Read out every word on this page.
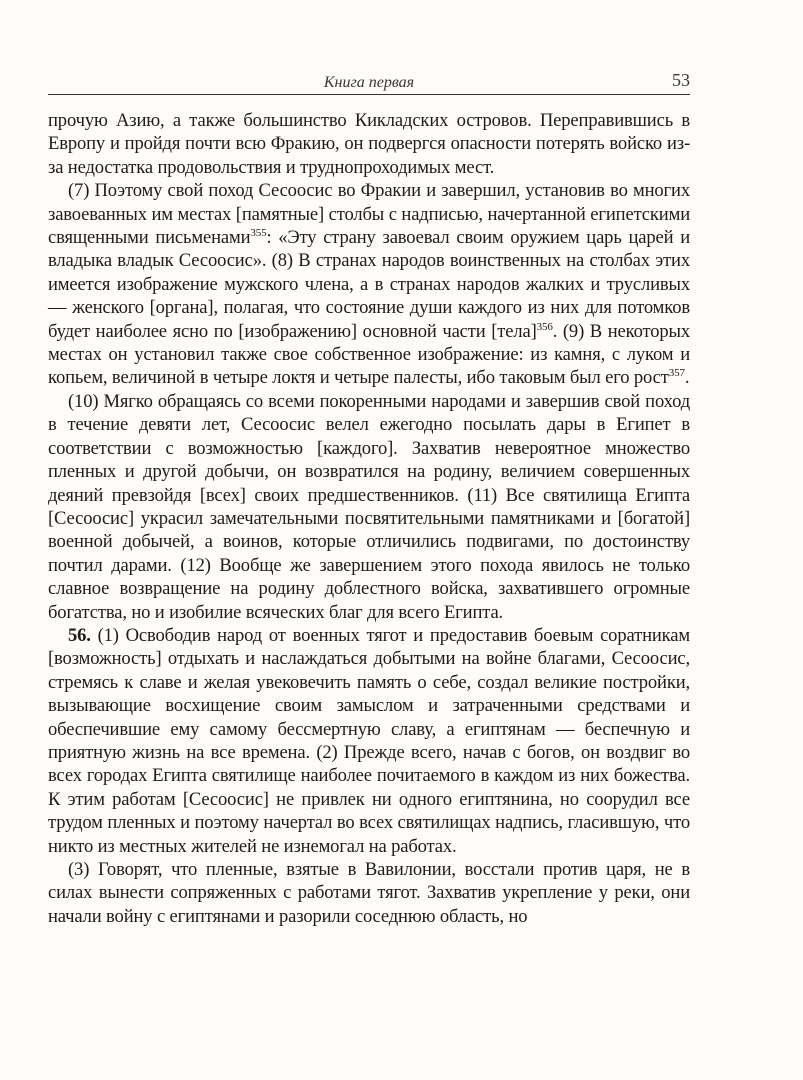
Книга первая	53

прочую Азию, а также большинство Кикладских островов. Переправившись в Европу и пройдя почти всю Фракию, он подвергся опасности потерять войско из-за недостатка продовольствия и труднопроходимых мест.

(7) Поэтому свой поход Сесоосис во Фракии и завершил, установив во многих завоеванных им местах [памятные] столбы с надписью, начертанной египетскими священными письменами$^{355}$: «Эту страну завоевал своим оружием царь царей и владыка владык Сесоосис». (8) В странах народов воинственных на столбах этих имеется изображение мужского члена, а в странах народов жалких и трусливых — женского [органа], полагая, что состояние души каждого из них для потомков будет наиболее ясно по [изображению] основной части [тела]$^{356}$. (9) В некоторых местах он установил также свое собственное изображение: из камня, с луком и копьем, величиной в четыре локтя и четыре палесты, ибо таковым был его рост$^{357}$.

(10) Мягко обращаясь со всеми покоренными народами и завершив свой поход в течение девяти лет, Сесоосис велел ежегодно посылать дары в Египет в соответствии с возможностью [каждого]. Захватив невероятное множество пленных и другой добычи, он возвратился на родину, величием совершенных деяний превзойдя [всех] своих предшественников. (11) Все святилища Египта [Сесоосис] украсил замечательными посвятительными памятниками и [богатой] военной добычей, а воинов, которые отличились подвигами, по достоинству почтил дарами. (12) Вообще же завершением этого похода явилось не только славное возвращение на родину доблестного войска, захватившего огромные богатства, но и изобилие всяческих благ для всего Египта.

56. (1) Освободив народ от военных тягот и предоставив боевым соратникам [возможность] отдыхать и наслаждаться добытыми на войне благами, Сесоосис, стремясь к славе и желая увековечить память о себе, создал великие постройки, вызывающие восхищение своим замыслом и затраченными средствами и обеспечившие ему самому бессмертную славу, а египтянам — беспечную и приятную жизнь на все времена. (2) Прежде всего, начав с богов, он воздвиг во всех городах Египта святилище наиболее почитаемого в каждом из них божества. К этим работам [Сесоосис] не привлек ни одного египтянина, но соорудил все трудом пленных и поэтому начертал во всех святилищах надпись, гласившую, что никто из местных жителей не изнемогал на работах.

(3) Говорят, что пленные, взятые в Вавилонии, восстали против царя, не в силах вынести сопряженных с работами тягот. Захватив укрепление у реки, они начали войну с египтянами и разорили соседнюю область, но
